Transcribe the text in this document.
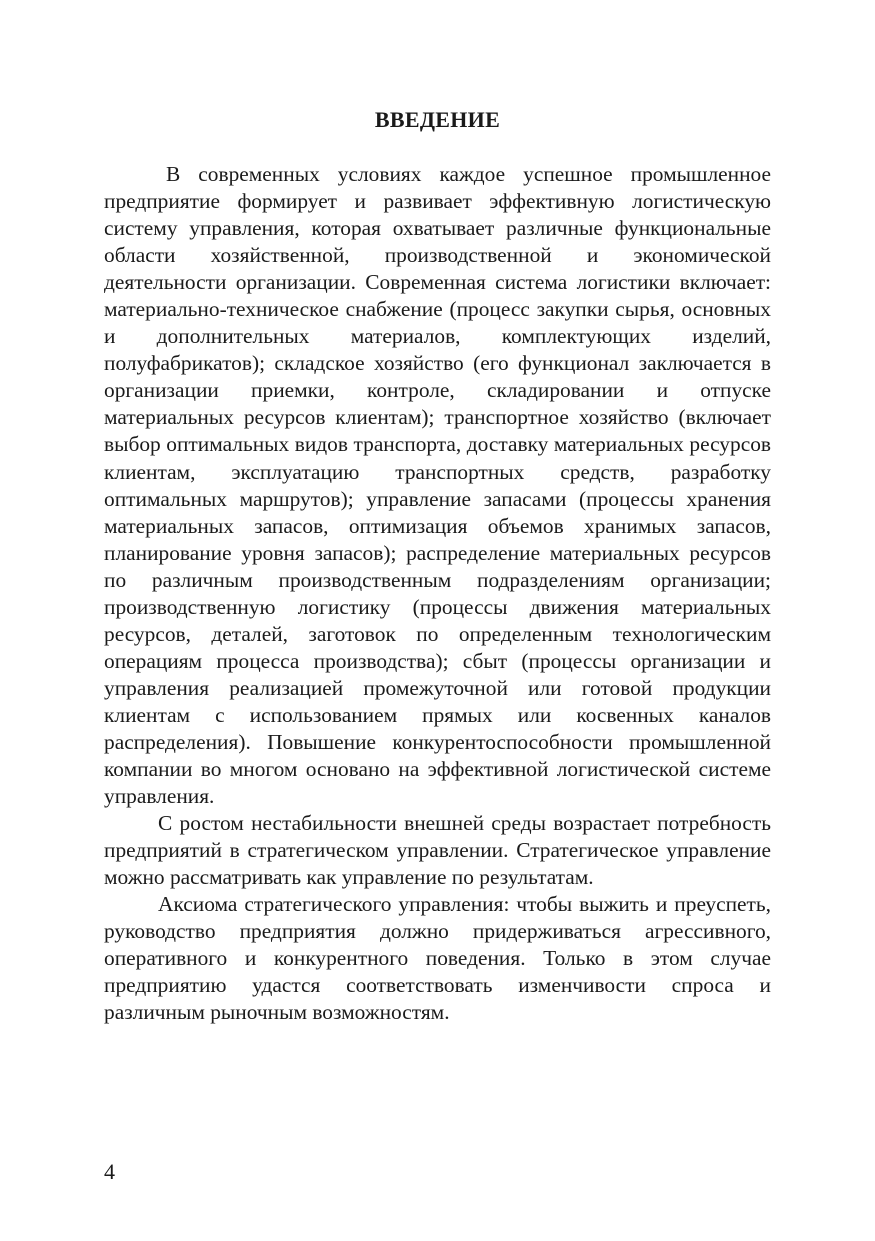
ВВЕДЕНИЕ

В современных условиях каждое успешное промышленное предприятие формирует и развивает эффективную логистическую систему управления, которая охватывает различные функциональные области хозяйственной, производственной и экономической деятельности организации. Современная система логистики включает: материально-техническое снабжение (процесс закупки сырья, основных и дополнительных материалов, комплектующих изделий, полуфабрикатов); складское хозяйство (его функционал заключается в организации приемки, контроле, складировании и отпуске материальных ресурсов клиентам); транспортное хозяйство (включает выбор оптимальных видов транспорта, доставку материальных ресурсов клиентам, эксплуатацию транспортных средств, разработку оптимальных маршрутов); управление запасами (процессы хранения материальных запасов, оптимизация объемов хранимых запасов, планирование уровня запасов); распределение материальных ресурсов по различным производственным подразделениям организации; производственную логистику (процессы движения материальных ресурсов, деталей, заготовок по определенным технологическим операциям процесса производства); сбыт (процессы организации и управления реализацией промежуточной или готовой продукции клиентам с использованием прямых или косвенных каналов распределения). Повышение конкурентоспособности промышленной компании во многом основано на эффективной логистической системе управления.

С ростом нестабильности внешней среды возрастает потребность предприятий в стратегическом управлении. Стратегическое управление можно рассматривать как управление по результатам.

Аксиома стратегического управления: чтобы выжить и преуспеть, руководство предприятия должно придерживаться агрессивного, оперативного и конкурентного поведения. Только в этом случае предприятию удастся соответствовать изменчивости спроса и различным рыночным возможностям.

4
